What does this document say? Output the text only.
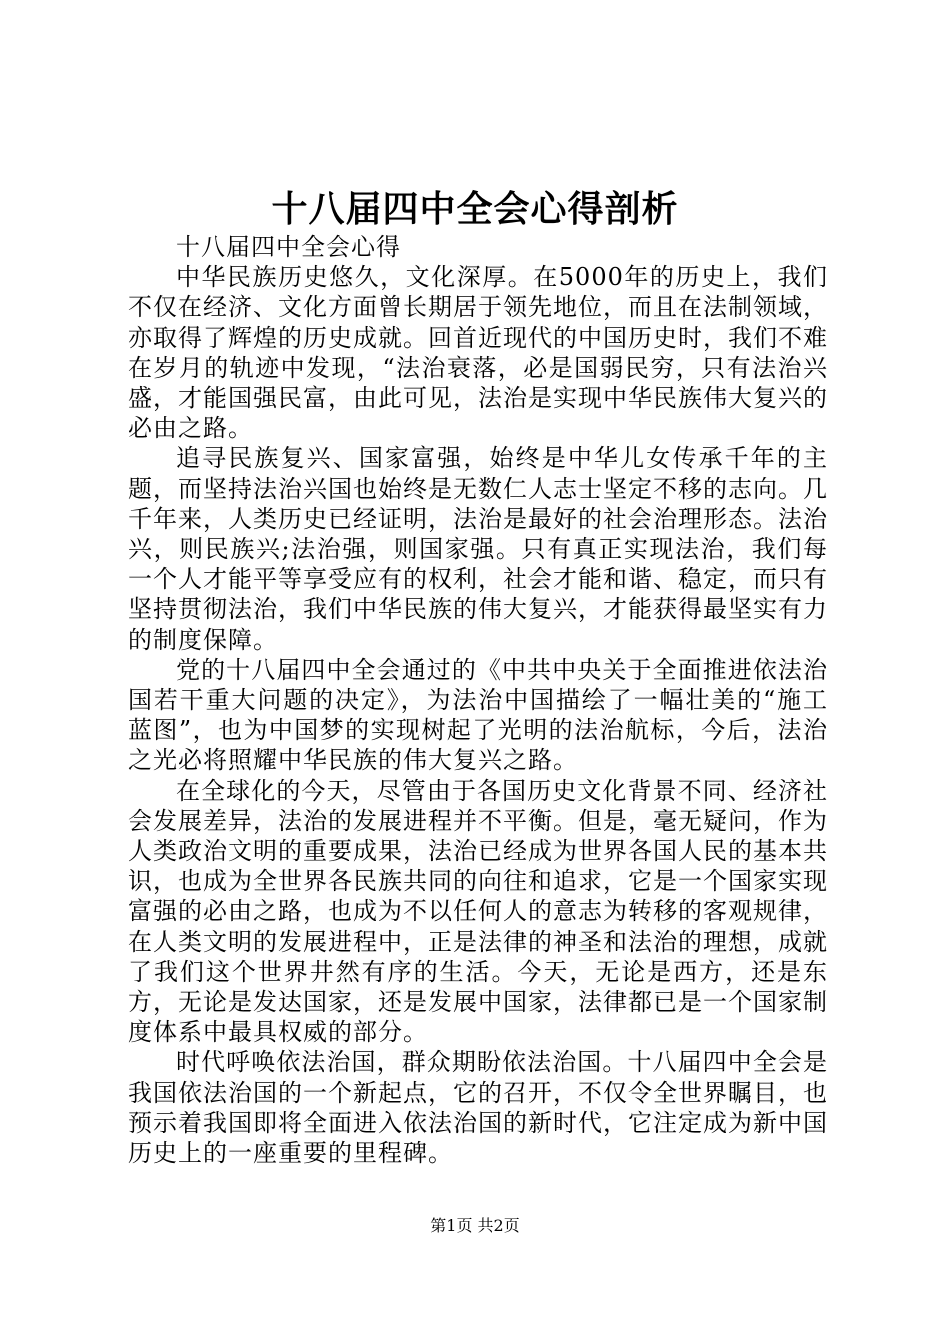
十八届四中全会心得剖析

十八届四中全会心得

中华民族历史悠久，文化深厚。在5000年的历史上，我们不仅在经济、文化方面曾长期居于领先地位，而且在法制领域，亦取得了辉煌的历史成就。回首近现代的中国历史时，我们不难在岁月的轨迹中发现，“法治衰落，必是国弱民穷，只有法治兴盛，才能国强民富，由此可见，法治是实现中华民族伟大复兴的必由之路。

追寻民族复兴、国家富强，始终是中华儿女传承千年的主题，而坚持法治兴国也始终是无数仁人志士坚定不移的志向。几千年来，人类历史已经证明，法治是最好的社会治理形态。法治兴，则民族兴;法治强，则国家强。只有真正实现法治，我们每一个人才能平等享受应有的权利，社会才能和谐、稳定，而只有坚持贯彻法治，我们中华民族的伟大复兴，才能获得最坚实有力的制度保障。

党的十八届四中全会通过的《中共中央关于全面推进依法治国若干重大问题的决定》，为法治中国描绘了一幅壮美的“施工蓝图”，也为中国梦的实现树起了光明的法治航标，今后，法治之光必将照耀中华民族的伟大复兴之路。

在全球化的今天，尽管由于各国历史文化背景不同、经济社会发展差异，法治的发展进程并不平衡。但是，毫无疑问，作为人类政治文明的重要成果，法治已经成为世界各国人民的基本共识，也成为全世界各民族共同的向往和追求，它是一个国家实现富强的必由之路，也成为不以任何人的意志为转移的客观规律，在人类文明的发展进程中，正是法律的神圣和法治的理想，成就了我们这个世界井然有序的生活。今天，无论是西方，还是东方，无论是发达国家，还是发展中国家，法律都已是一个国家制度体系中最具权威的部分。

时代呼唤依法治国，群众期盼依法治国。十八届四中全会是我国依法治国的一个新起点，它的召开，不仅令全世界瞩目，也预示着我国即将全面进入依法治国的新时代，它注定成为新中国历史上的一座重要的里程碑。

第1页 共2页
